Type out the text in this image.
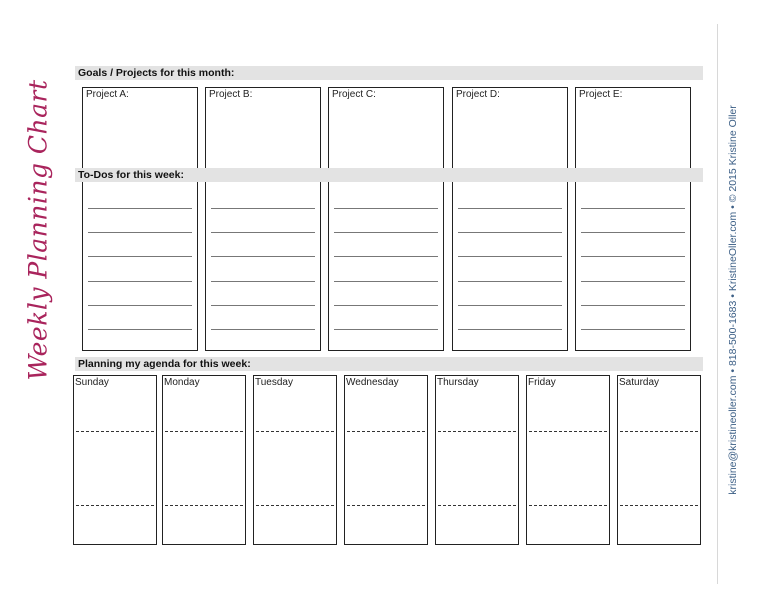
Weekly Planning Chart
Goals / Projects for this month:
Project A:	Project B:	Project C:	Project D:	Project E:
To-Dos for this week:
Planning my agenda for this week:
Sunday	Monday	Tuesday	Wednesday	Thursday	Friday	Saturday	kristine@kristineoller.com • 818-500-1683 • KristineOller.com • © 2015 Kristine Oller
